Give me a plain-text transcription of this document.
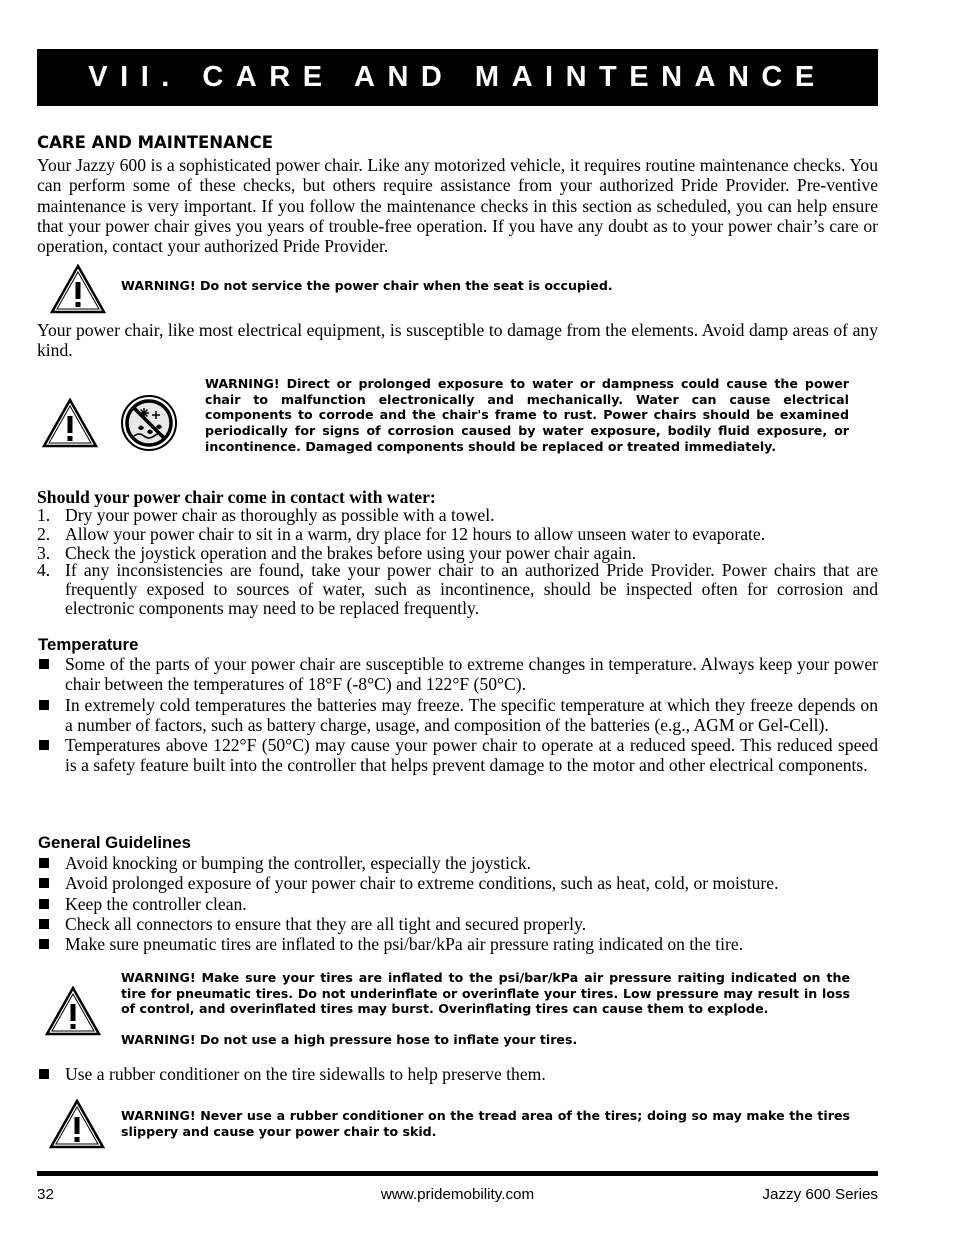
VII. CARE AND MAINTENANCE
CARE AND MAINTENANCE
Your Jazzy 600 is a sophisticated power chair. Like any motorized vehicle, it requires routine maintenance checks. You can perform some of these checks, but others require assistance from your authorized Pride Provider. Pre-ventive maintenance is very important. If you follow the maintenance checks in this section as scheduled, you can help ensure that your power chair gives you years of trouble-free operation. If you have any doubt as to your power chair’s care or operation, contact your authorized Pride Provider.
WARNING! Do not service the power chair when the seat is occupied.
Your power chair, like most electrical equipment, is susceptible to damage from the elements. Avoid damp areas of any kind.
WARNING! Direct or prolonged exposure to water or dampness could cause the power chair to malfunction electronically and mechanically. Water can cause electrical components to corrode and the chair's frame to rust. Power chairs should be examined periodically for signs of corrosion caused by water exposure, bodily fluid exposure, or incontinence. Damaged components should be replaced or treated immediately.
Should your power chair come in contact with water:
1. Dry your power chair as thoroughly as possible with a towel.
2. Allow your power chair to sit in a warm, dry place for 12 hours to allow unseen water to evaporate.
3. Check the joystick operation and the brakes before using your power chair again.
4. If any inconsistencies are found, take your power chair to an authorized Pride Provider. Power chairs that are frequently exposed to sources of water, such as incontinence, should be inspected often for corrosion and electronic components may need to be replaced frequently.
Temperature
Some of the parts of your power chair are susceptible to extreme changes in temperature. Always keep your power chair between the temperatures of 18°F (-8°C) and 122°F (50°C).
In extremely cold temperatures the batteries may freeze. The specific temperature at which they freeze depends on a number of factors, such as battery charge, usage, and composition of the batteries (e.g., AGM or Gel-Cell).
Temperatures above 122°F (50°C) may cause your power chair to operate at a reduced speed. This reduced speed is a safety feature built into the controller that helps prevent damage to the motor and other electrical components.
General Guidelines
Avoid knocking or bumping the controller, especially the joystick.
Avoid prolonged exposure of your power chair to extreme conditions, such as heat, cold, or moisture.
Keep the controller clean.
Check all connectors to ensure that they are all tight and secured properly.
Make sure pneumatic tires are inflated to the psi/bar/kPa air pressure rating indicated on the tire.
WARNING! Make sure your tires are inflated to the psi/bar/kPa air pressure raiting indicated on the tire for pneumatic tires. Do not underinflate or overinflate your tires. Low pressure may result in loss of control, and overinflated tires may burst. Overinflating tires can cause them to explode.
WARNING! Do not use a high pressure hose to inflate your tires.
Use a rubber conditioner on the tire sidewalls to help preserve them.
WARNING! Never use a rubber conditioner on the tread area of the tires; doing so may make the tires slippery and cause your power chair to skid.
32	www.pridemobility.com	Jazzy 600 Series
